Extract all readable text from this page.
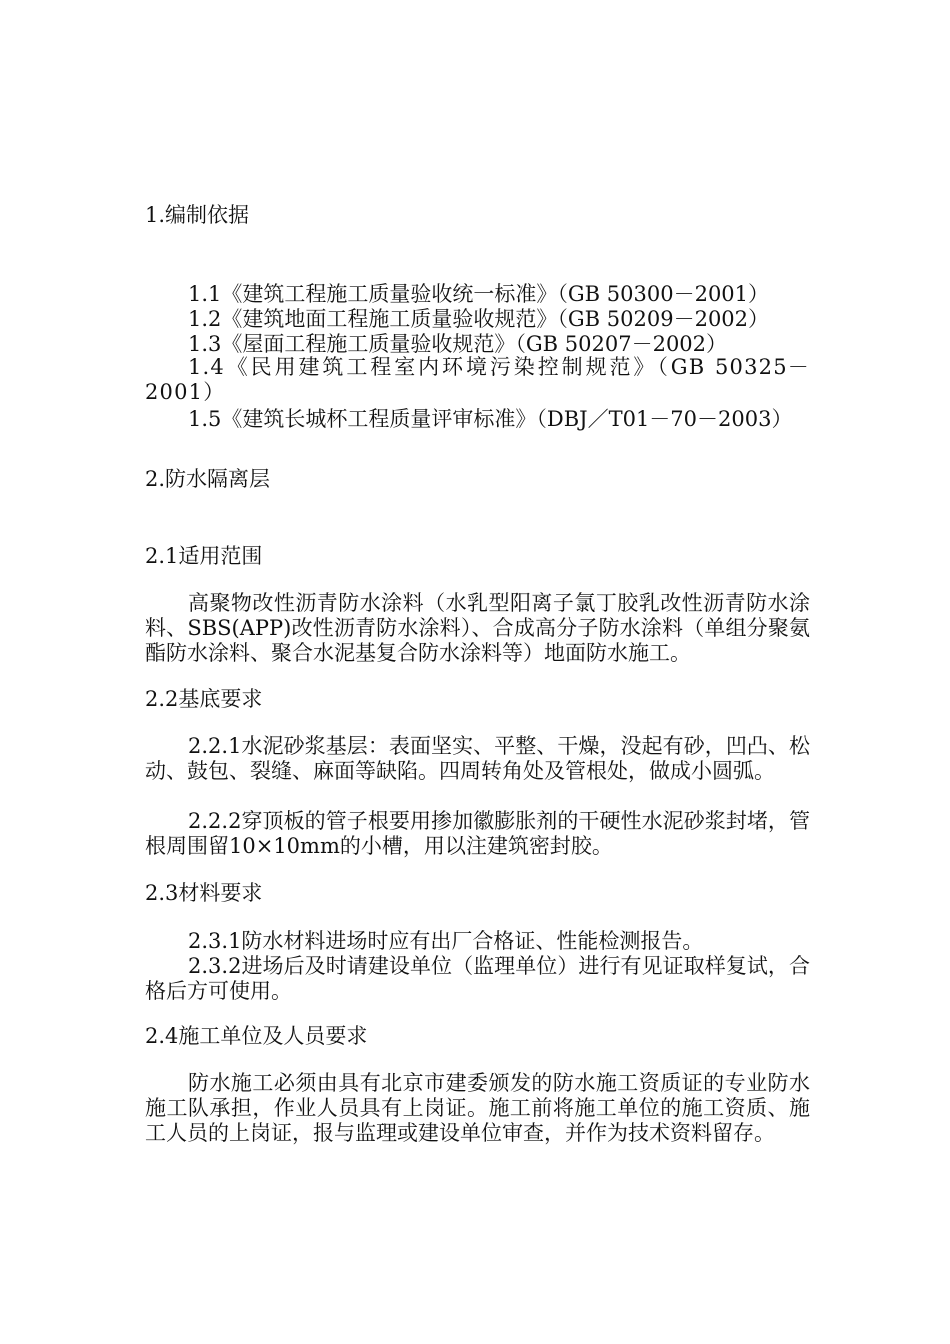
1.编制依据
1.1《建筑工程施工质量验收统一标准》（GB 50300－2001）
1.2《建筑地面工程施工质量验收规范》（GB 50209－2002）
1.3《屋面工程施工质量验收规范》（GB 50207－2002）
1.4《民用建筑工程室内环境污染控制规范》（GB 50325－2001）
1.5《建筑长城杯工程质量评审标准》（DBJ／T01－70－2003）
2.防水隔离层
2.1适用范围
高聚物改性沥青防水涂料（水乳型阳离子氯丁胶乳改性沥青防水涂料、SBS(APP)改性沥青防水涂料）、合成高分子防水涂料（单组分聚氨酯防水涂料、聚合水泥基复合防水涂料等）地面防水施工。
2.2基底要求
2.2.1水泥砂浆基层：表面坚实、平整、干燥，没起有砂，凹凸、松动、鼓包、裂缝、麻面等缺陷。四周转角处及管根处，做成小圆弧。
2.2.2穿顶板的管子根要用掺加徽膨胀剂的干硬性水泥砂浆封堵，管根周围留10×10mm的小槽，用以注建筑密封胶。
2.3材料要求
2.3.1防水材料进场时应有出厂合格证、性能检测报告。
2.3.2进场后及时请建设单位（监理单位）进行有见证取样复试，合格后方可使用。
2.4施工单位及人员要求
防水施工必须由具有北京市建委颁发的防水施工资质证的专业防水施工队承担，作业人员具有上岗证。施工前将施工单位的施工资质、施工人员的上岗证，报与监理或建设单位审查，并作为技术资料留存。
